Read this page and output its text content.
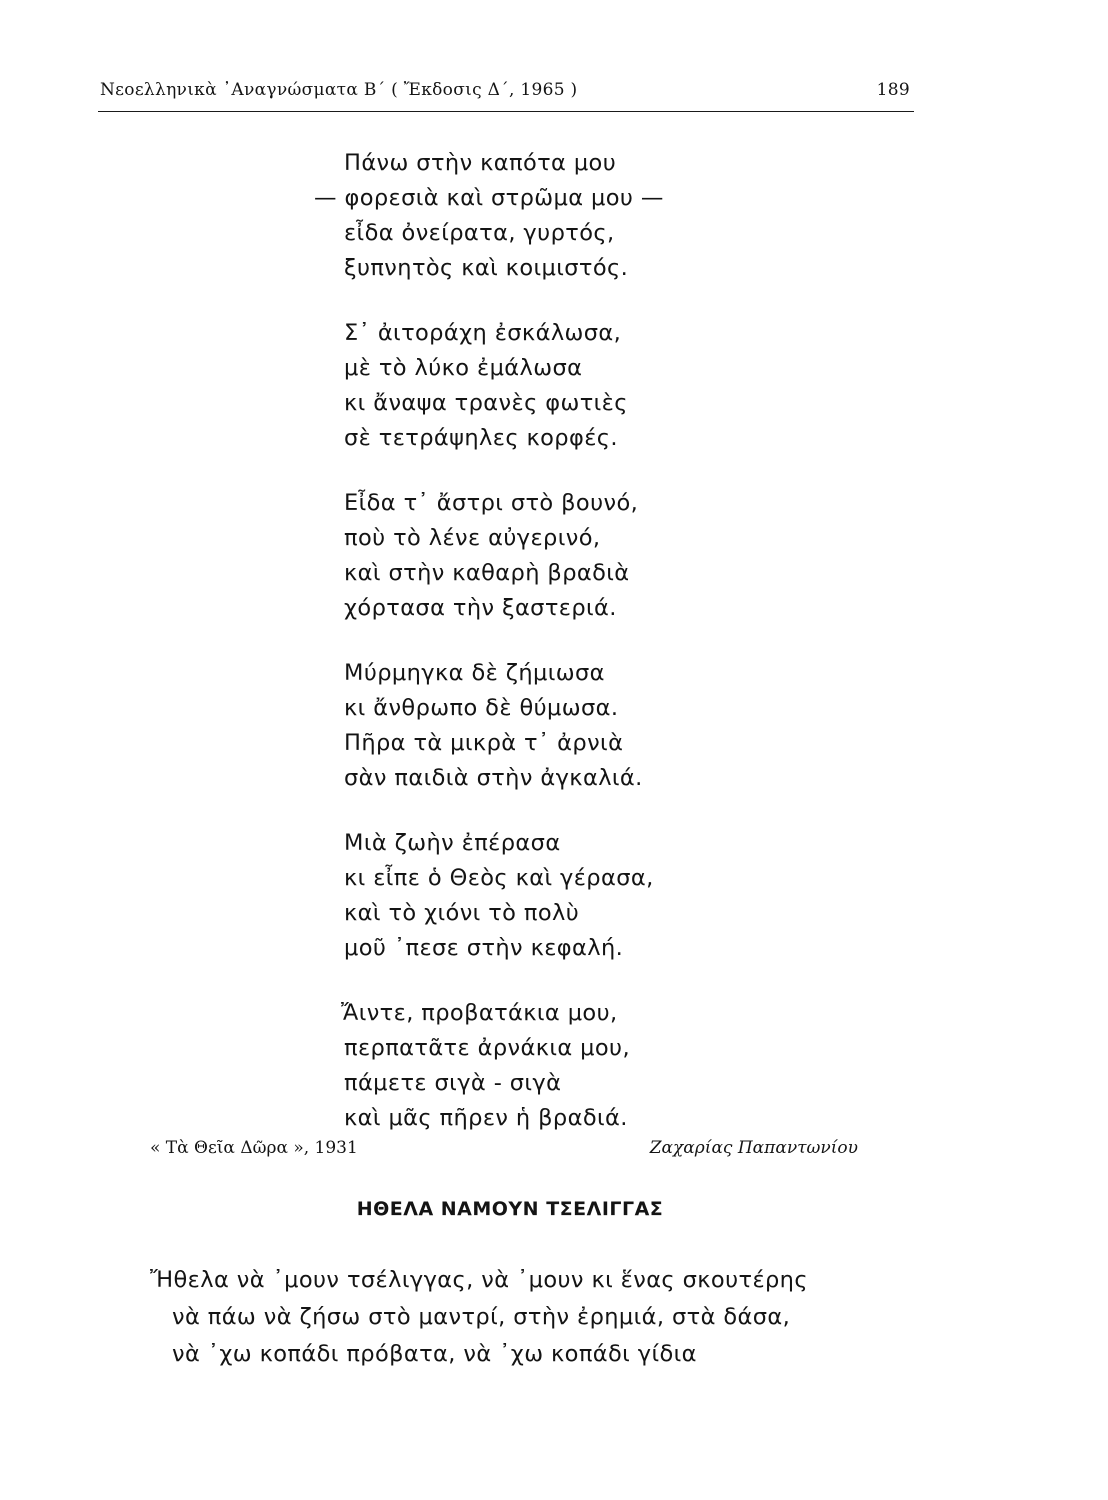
Νεοελληνικὰ ᾿Αναγνώσματα Β΄ ( Ἔκδοσις Δ΄, 1965 )	189
Πάνω στὴν καπότα μου
— φορεσιὰ καὶ στρῶμα μου —
εἶδα ὀνείρατα, γυρτός,
ξυπνητὸς καὶ κοιμιστός.
Σ᾿ ἀιτοράχη ἐσκάλωσα,
μὲ τὸ λύκο ἐμάλωσα
κι ἄναψα τρανὲς φωτιὲς
σὲ τετράψηλες κορφές.
Εἶδα τ᾿ ἄστρι στὸ βουνό,
ποὺ τὸ λένε αὐγερινό,
καὶ στὴν καθαρὴ βραδιὰ
χόρτασα τὴν ξαστεριά.
Μύρμηγκα δὲ ζήμιωσα
κι ἄνθρωπο δὲ θύμωσα.
Πῆρα τὰ μικρὰ τ᾿ ἀρνιὰ
σὰν παιδιὰ στὴν ἀγκαλιά.
Μιὰ ζωὴν ἐπέρασα
κι εἶπε ὁ Θεὸς καὶ γέρασα,
καὶ τὸ χιόνι τὸ πολὺ
μοῦ ᾿πεσε στὴν κεφαλή.
Ἄιντε, προβατάκια μου,
περπατᾶτε ἀρνάκια μου,
πάμετε σιγὰ - σιγὰ
καὶ μᾶς πῆρεν ἡ βραδιά.
« Τὰ Θεῖα Δῶρα », 1931	Ζαχαρίας Παπαντωνίου
ΗΘΕΛΑ ΝΑΜΟΥΝ ΤΣΕΛΙΓΓΑΣ
Ἤθελα νὰ ᾿μουν τσέλιγγας, νὰ ᾿μουν κι ἕνας σκουτέρης
νὰ πάω νὰ ζήσω στὸ μαντρί, στὴν ἐρημιά, στὰ δάσα,
νὰ ᾿χω κοπάδι πρόβατα, νὰ ᾿χω κοπάδι γίδια
